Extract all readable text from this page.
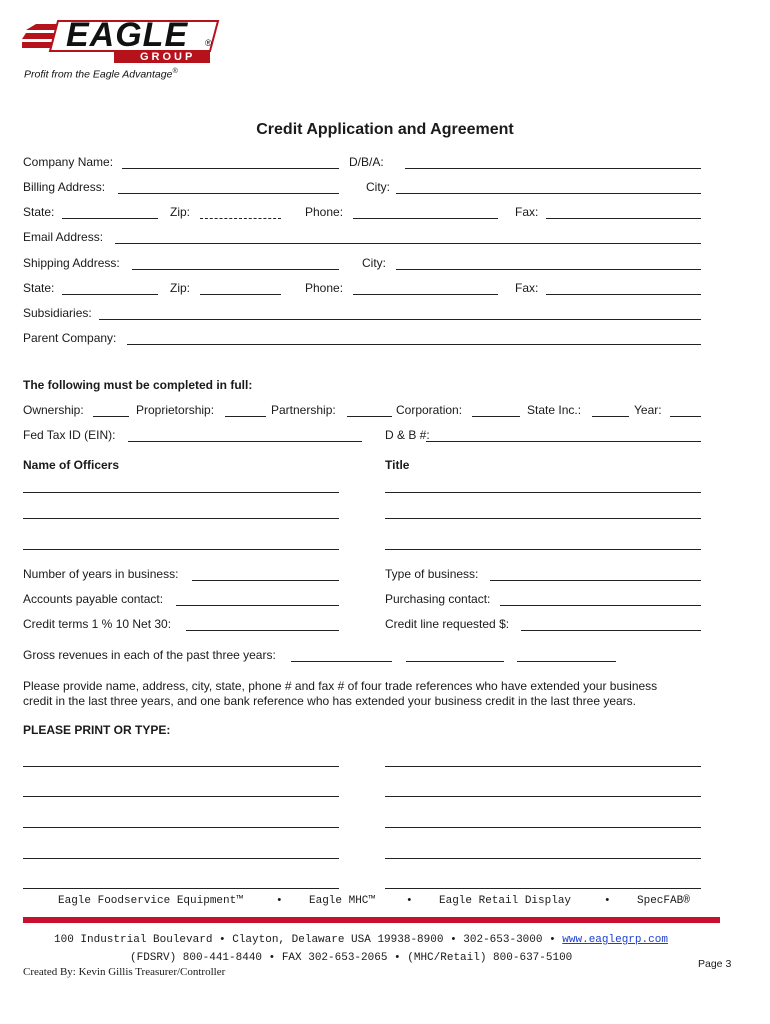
EAGLE ®
GROUP
Profit from the Eagle Advantage®
Credit Application and Agreement
Company Name:	D/B/A:
Billing Address:	City:
State:	Zip:	Phone:	Fax:
Email Address:
Shipping Address:	City:
State:	Zip:	Phone:	Fax:
Subsidiaries:
Parent Company:
The following must be completed in full:
Ownership:	Proprietorship:	Partnership:	Corporation:	State Inc.:	Year:
Fed Tax ID (EIN):	D & B #:
Name of Officers	Title
Number of years in business:	Type of business:
Accounts payable contact:	Purchasing contact:
Credit terms 1 % 10 Net 30:	Credit line requested $:
Gross revenues in each of the past three years:
Please provide name, address, city, state, phone # and fax # of four trade references who have extended your business
credit in the last three years, and one bank reference who has extended your business credit in the last three years.
PLEASE PRINT OR TYPE:
Eagle Foodservice Equipment™	• Eagle MHC™	• Eagle Retail Display	• SpecFAB®
100 Industrial Boulevard • Clayton, Delaware USA 19938-8900 • 302-653-3000 • www.eaglegrp.com
(FDSRV) 800-441-8440 • FAX 302-653-2065 • (MHC/Retail) 800-637-5100
Created By: Kevin Gillis Treasurer/Controller
Page 3
